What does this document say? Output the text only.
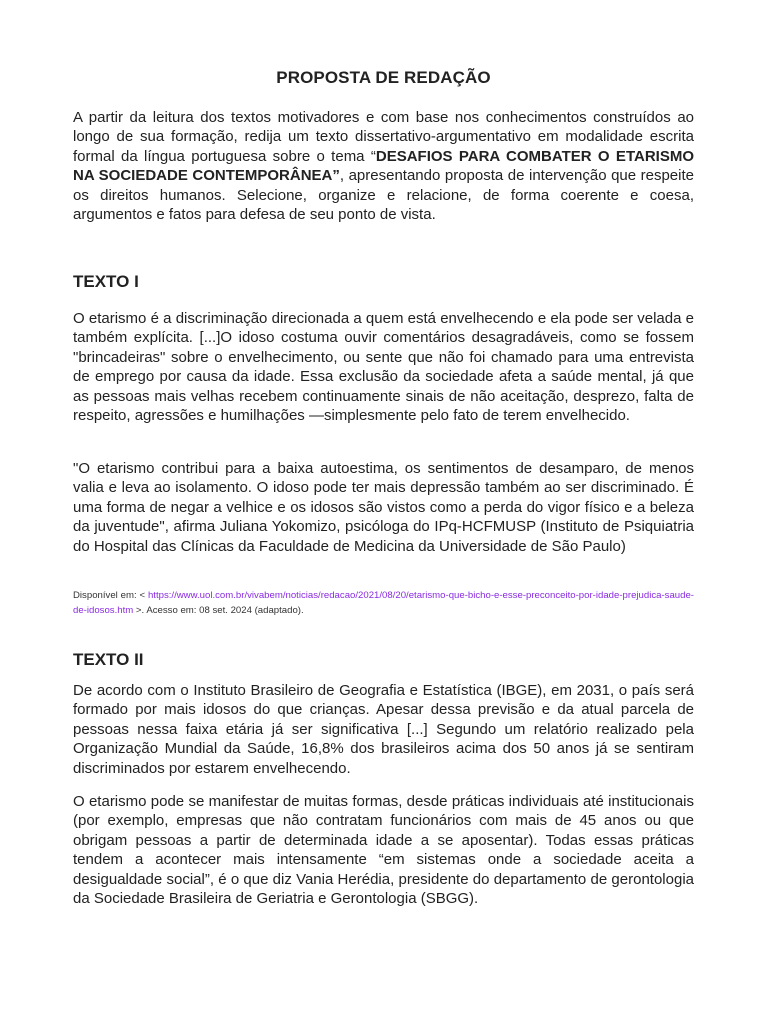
PROPOSTA DE REDAÇÃO

A partir da leitura dos textos motivadores e com base nos conhecimentos construídos ao longo de sua formação, redija um texto dissertativo-argumentativo em modalidade escrita formal da língua portuguesa sobre o tema “DESAFIOS PARA COMBATER O ETARISMO NA SOCIEDADE CONTEMPORÂNEA”, apresentando proposta de intervenção que respeite os direitos humanos. Selecione, organize e relacione, de forma coerente e coesa, argumentos e fatos para defesa de seu ponto de vista.

TEXTO I

O etarismo é a discriminação direcionada a quem está envelhecendo e ela pode ser velada e também explícita. [...]O idoso costuma ouvir comentários desagradáveis, como se fossem "brincadeiras" sobre o envelhecimento, ou sente que não foi chamado para uma entrevista de emprego por causa da idade. Essa exclusão da sociedade afeta a saúde mental, já que as pessoas mais velhas recebem continuamente sinais de não aceitação, desprezo, falta de respeito, agressões e humilhações —simplesmente pelo fato de terem envelhecido.

"O etarismo contribui para a baixa autoestima, os sentimentos de desamparo, de menos valia e leva ao isolamento. O idoso pode ter mais depressão também ao ser discriminado. É uma forma de negar a velhice e os idosos são vistos como a perda do vigor físico e a beleza da juventude", afirma Juliana Yokomizo, psicóloga do IPq-HCFMUSP (Instituto de Psiquiatria do Hospital das Clínicas da Faculdade de Medicina da Universidade de São Paulo)

Disponível em: < https://www.uol.com.br/vivabem/noticias/redacao/2021/08/20/etarismo-que-bicho-e-esse-preconceito-por-idade-prejudica-saude-de-idosos.htm >. Acesso em: 08 set. 2024 (adaptado).

TEXTO II

De acordo com o Instituto Brasileiro de Geografia e Estatística (IBGE), em 2031, o país será formado por mais idosos do que crianças. Apesar dessa previsão e da atual parcela de pessoas nessa faixa etária já ser significativa [...] Segundo um relatório realizado pela Organização Mundial da Saúde, 16,8% dos brasileiros acima dos 50 anos já se sentiram discriminados por estarem envelhecendo.

O etarismo pode se manifestar de muitas formas, desde práticas individuais até institucionais (por exemplo, empresas que não contratam funcionários com mais de 45 anos ou que obrigam pessoas a partir de determinada idade a se aposentar). Todas essas práticas tendem a acontecer mais intensamente “em sistemas onde a sociedade aceita a desigualdade social”, é o que diz Vania Herédia, presidente do departamento de gerontologia da Sociedade Brasileira de Geriatria e Gerontologia (SBGG).
